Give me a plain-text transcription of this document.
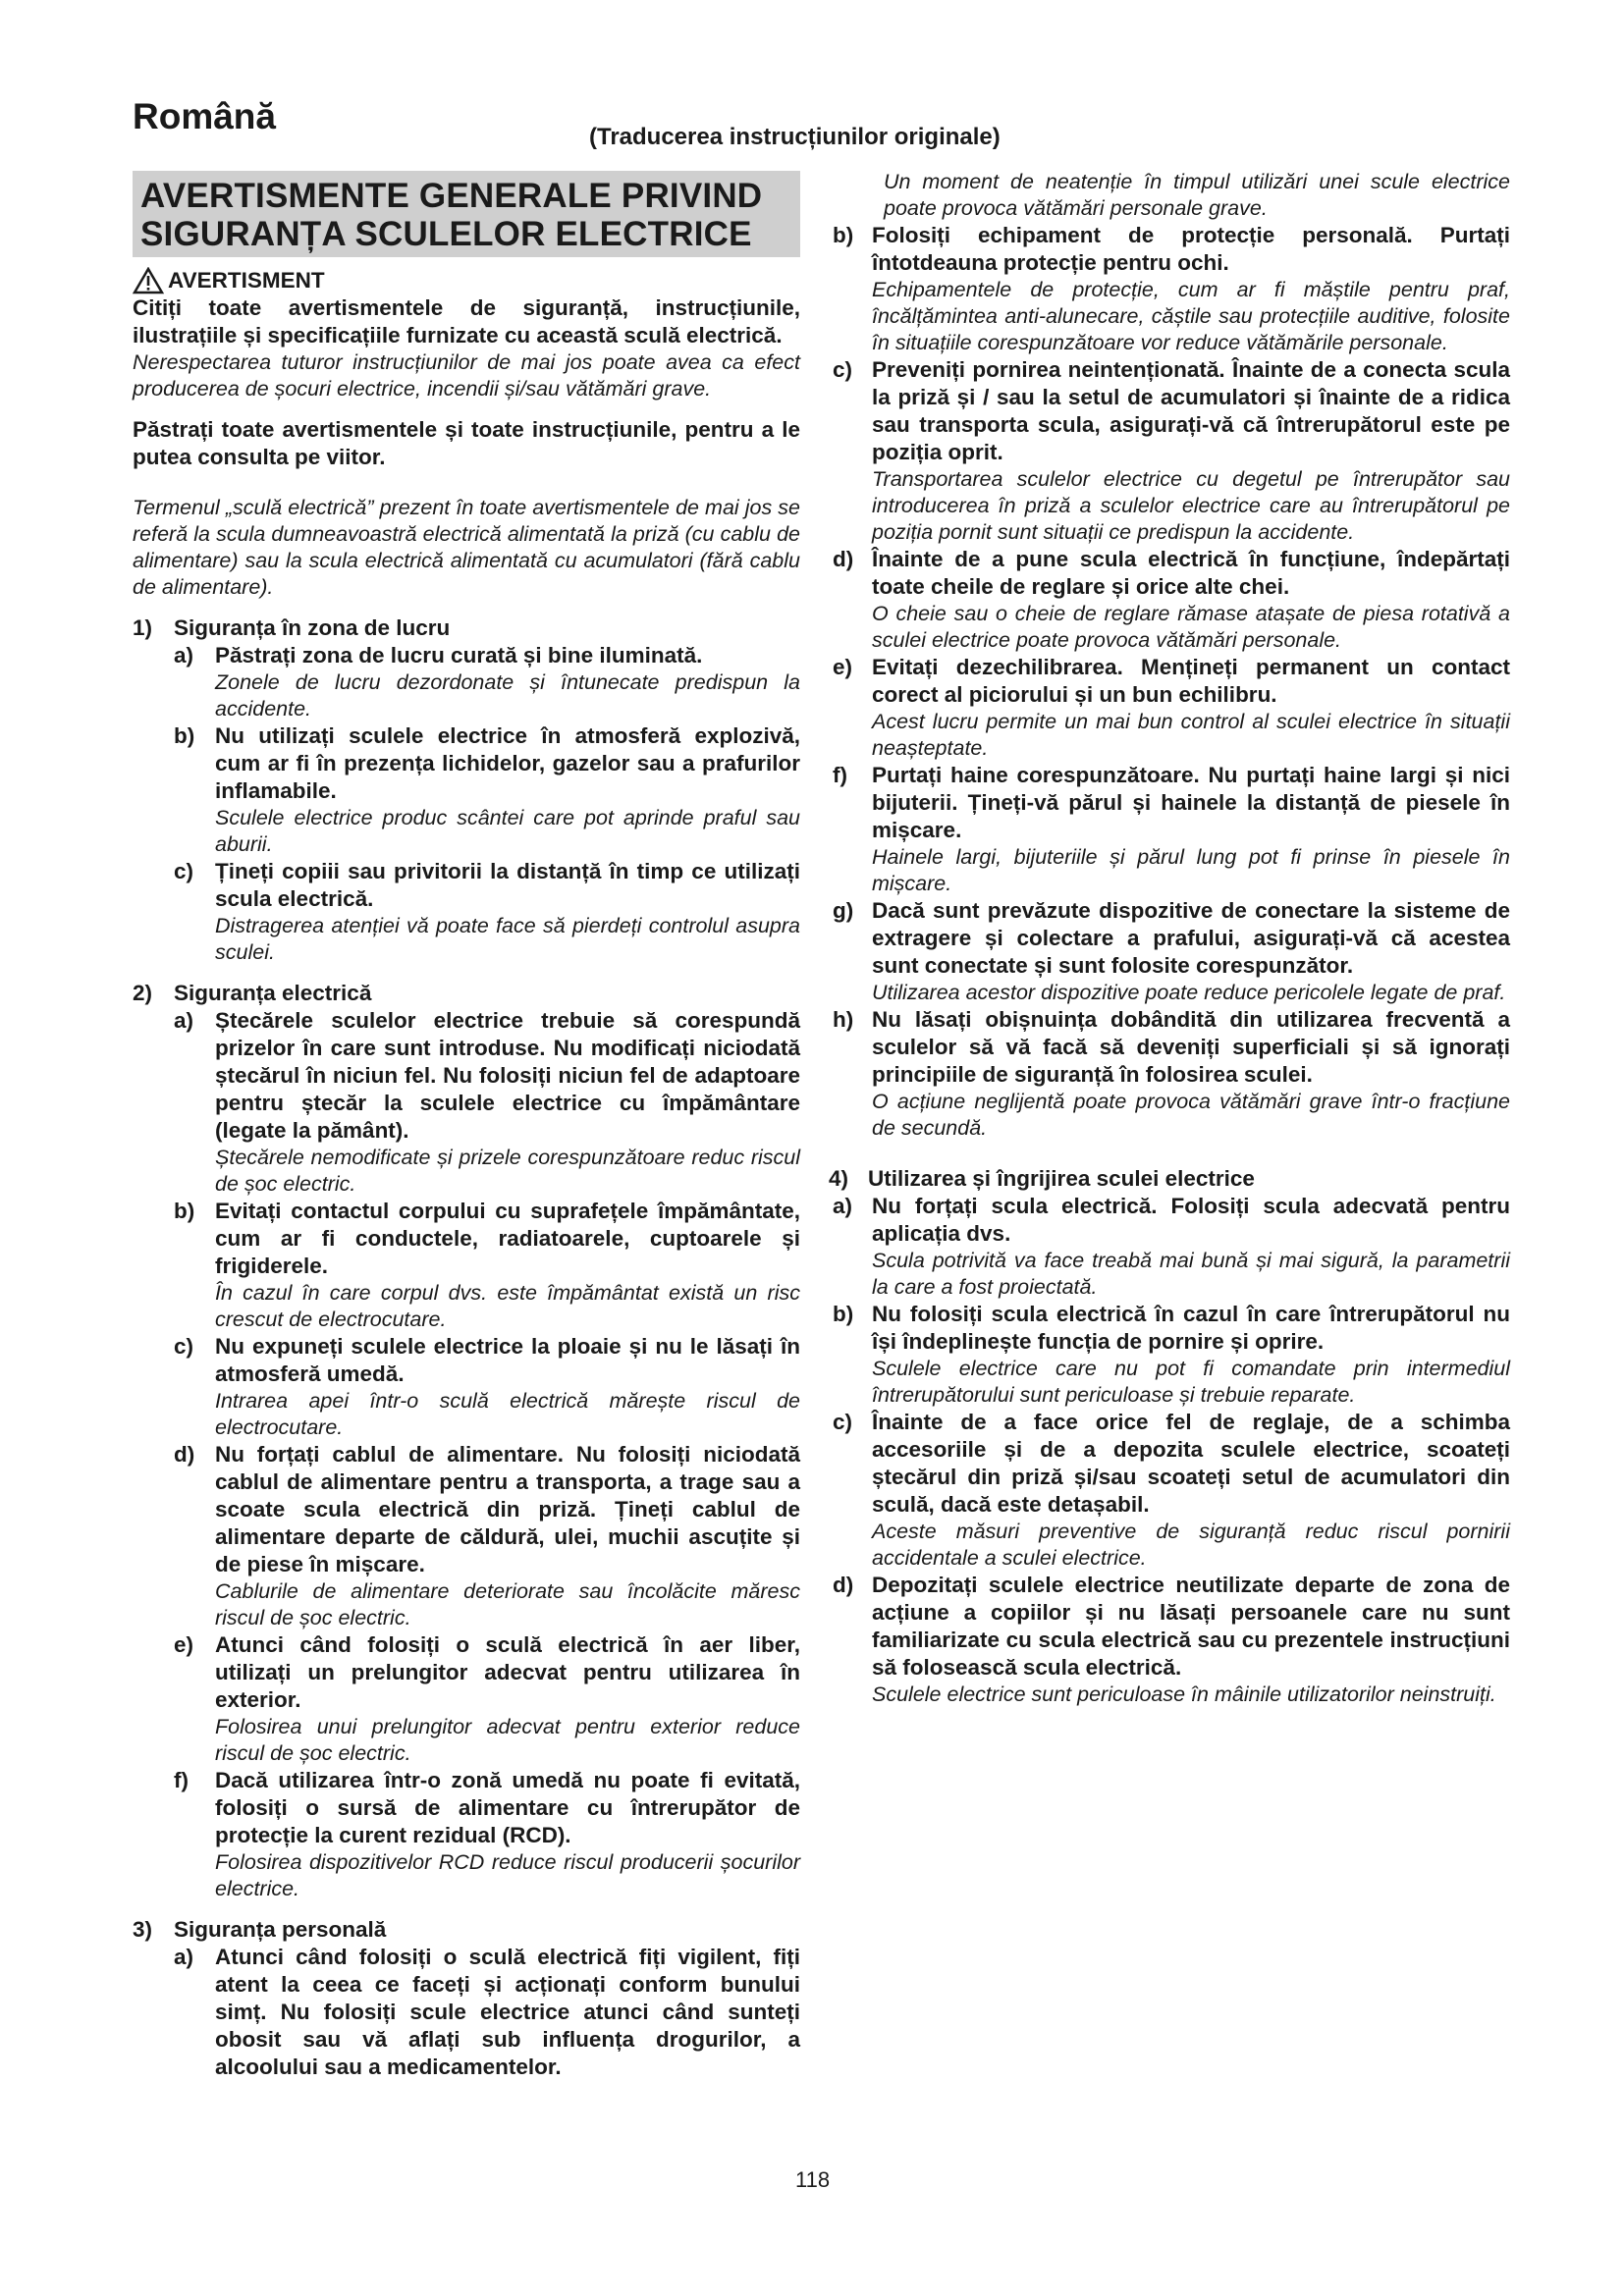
Română
(Traducerea instrucțiunilor originale)
AVERTISMENTE GENERALE PRIVIND SIGURANȚA SCULELOR ELECTRICE
AVERTISMENT

Citiți toate avertismentele de siguranță, instrucțiunile, ilustrațiile și specificațiile furnizate cu această sculă electrică.

Nerespectarea tuturor instrucțiunilor de mai jos poate avea ca efect producerea de șocuri electrice, incendii și/sau vătămări grave.

Păstrați toate avertismentele și toate instrucțiunile, pentru a le putea consulta pe viitor.

Termenul „sculă electrică” prezent în toate avertismentele de mai jos se referă la scula dumneavoastră electrică alimentată la priză (cu cablu de alimentare) sau la scula electrică alimentată cu acumulatori (fără cablu de alimentare).

1) Siguranța în zona de lucru
a) Păstrați zona de lucru curată și bine iluminată.

Zonele de lucru dezordonate și întunecate predispun la accidente.

b) Nu utilizați sculele electrice în atmosferă explozivă, cum ar fi în prezența lichidelor, gazelor sau a prafurilor inflamabile.

Sculele electrice produc scântei care pot aprinde praful sau aburii.

c) Țineți copiii sau privitorii la distanță în timp ce utilizați scula electrică.

Distragerea atenției vă poate face să pierdeți controlul asupra sculei.

2) Siguranța electrică
a) Ștecărele sculelor electrice trebuie să corespundă prizelor în care sunt introduse. Nu modificați niciodată ștecărul în niciun fel. Nu folosiți niciun fel de adaptoare pentru ștecăr la sculele electrice cu împământare (legate la pământ).

Ștecărele nemodificate și prizele corespunzătoare reduc riscul de șoc electric.

b) Evitați contactul corpului cu suprafețele împământate, cum ar fi conductele, radiatoarele, cuptoarele și frigiderele.

În cazul în care corpul dvs. este împământat există un risc crescut de electrocutare.

c) Nu expuneți sculele electrice la ploaie și nu le lăsați în atmosferă umedă.

Intrarea apei într-o sculă electrică mărește riscul de electrocutare.

d) Nu forțați cablul de alimentare. Nu folosiți niciodată cablul de alimentare pentru a transporta, a trage sau a scoate scula electrică din priză. Țineți cablul de alimentare departe de căldură, ulei, muchii ascuțite și de piese în mișcare.

Cablurile de alimentare deteriorate sau încolăcite măresc riscul de șoc electric.

e) Atunci când folosiți o sculă electrică în aer liber, utilizați un prelungitor adecvat pentru utilizarea în exterior.

Folosirea unui prelungitor adecvat pentru exterior reduce riscul de șoc electric.

f)	Dacă utilizarea într-o zonă umedă nu poate fi evitată, folosiți o sursă de alimentare cu întrerupător de protecție la curent rezidual (RCD).

Folosirea dispozitivelor RCD reduce riscul producerii șocurilor electrice.

3) Siguranța personală
a) Atunci când folosiți o sculă electrică fiți vigilent, fiți atent la ceea ce faceți și acționați conform bunului simț. Nu folosiți scule electrice atunci când sunteți obosit sau vă aflați sub influența drogurilor, a alcoolului sau a medicamentelor.

Un moment de neatenție în timpul utilizări unei scule electrice poate provoca vătămări personale grave.

b) Folosiți echipament de protecție personală. Purtați întotdeauna protecție pentru ochi.

Echipamentele de protecție, cum ar fi măștile pentru praf, încălțămintea anti-alunecare, căștile sau protecțiile auditive, folosite în situațiile corespunzătoare vor reduce vătămările personale.

c) Preveniți pornirea neintenționată. Înainte de a conecta scula la priză și / sau la setul de acumulatori și înainte de a ridica sau transporta scula, asigurați-vă că întrerupătorul este pe poziția oprit.

Transportarea sculelor electrice cu degetul pe întrerupător sau introducerea în priză a sculelor electrice care au întrerupătorul pe poziția pornit sunt situații ce predispun la accidente.

d) Înainte de a pune scula electrică în funcțiune, îndepărtați toate cheile de reglare și orice alte chei.

O cheie sau o cheie de reglare rămase atașate de piesa rotativă a sculei electrice poate provoca vătămări personale.

e) Evitați dezechilibrarea. Mențineți permanent un contact corect al piciorului și un bun echilibru.

Acest lucru permite un mai bun control al sculei electrice în situații neașteptate.

f)	Purtați haine corespunzătoare. Nu purtați haine largi și nici bijuterii. Țineți-vă părul și hainele la distanță de piesele în mișcare.

Hainele largi, bijuteriile și părul lung pot fi prinse în piesele în mișcare.

g) Dacă sunt prevăzute dispozitive de conectare la sisteme de extragere și colectare a prafului, asigurați-vă că acestea sunt conectate și sunt folosite corespunzător.

Utilizarea acestor dispozitive poate reduce pericolele legate de praf.

h) Nu lăsați obișnuința dobândită din utilizarea frecventă a sculelor să vă facă să deveniți superficiali și să ignorați principiile de siguranță în folosirea sculei.

O acțiune neglijentă poate provoca vătămări grave într-o fracțiune de secundă.

4) Utilizarea și îngrijirea sculei electrice
a) Nu forțați scula electrică. Folosiți scula adecvată pentru aplicația dvs.

Scula potrivită va face treabă mai bună și mai sigură, la parametrii la care a fost proiectată.

b) Nu folosiți scula electrică în cazul în care întrerupătorul nu își îndeplinește funcția de pornire și oprire.

Sculele electrice care nu pot fi comandate prin intermediul întrerupătorului sunt periculoase și trebuie reparate.

c) Înainte de a face orice fel de reglaje, de a schimba accesoriile și de a depozita sculele electrice, scoateți ștecărul din priză și/sau scoateți setul de acumulatori din sculă, dacă este detașabil.

Aceste măsuri preventive de siguranță reduc riscul pornirii accidentale a sculei electrice.

d) Depozitați sculele electrice neutilizate departe de zona de acțiune a copiilor și nu lăsați persoanele care nu sunt familiarizate cu scula electrică sau cu prezentele instrucțiuni să folosească scula electrică.

Sculele electrice sunt periculoase în mâinile utilizatorilor neinstruiți.

118
